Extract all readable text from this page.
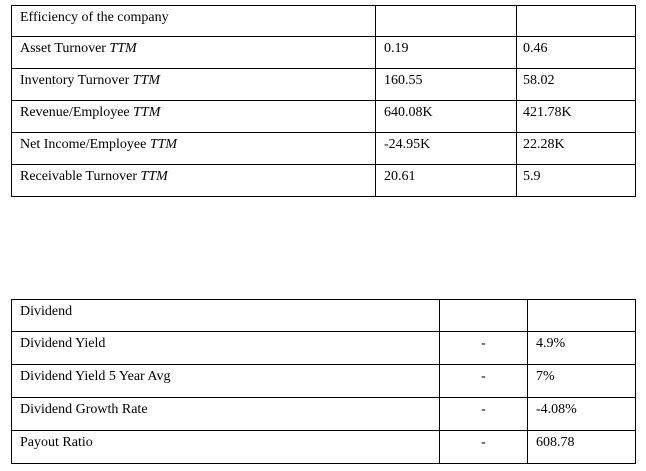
Efficiency of the company		
Asset Turnover TTM	0.19	0.46
Inventory Turnover TTM	160.55	58.02
Revenue/Employee TTM	640.08K	421.78K
Net Income/Employee TTM	-24.95K	22.28K
Receivable Turnover TTM	20.61	5.9
Dividend		
Dividend Yield	-	4.9%
Dividend Yield 5 Year Avg	-	7%
Dividend Growth Rate	-	-4.08%
Payout Ratio	-	608.78
